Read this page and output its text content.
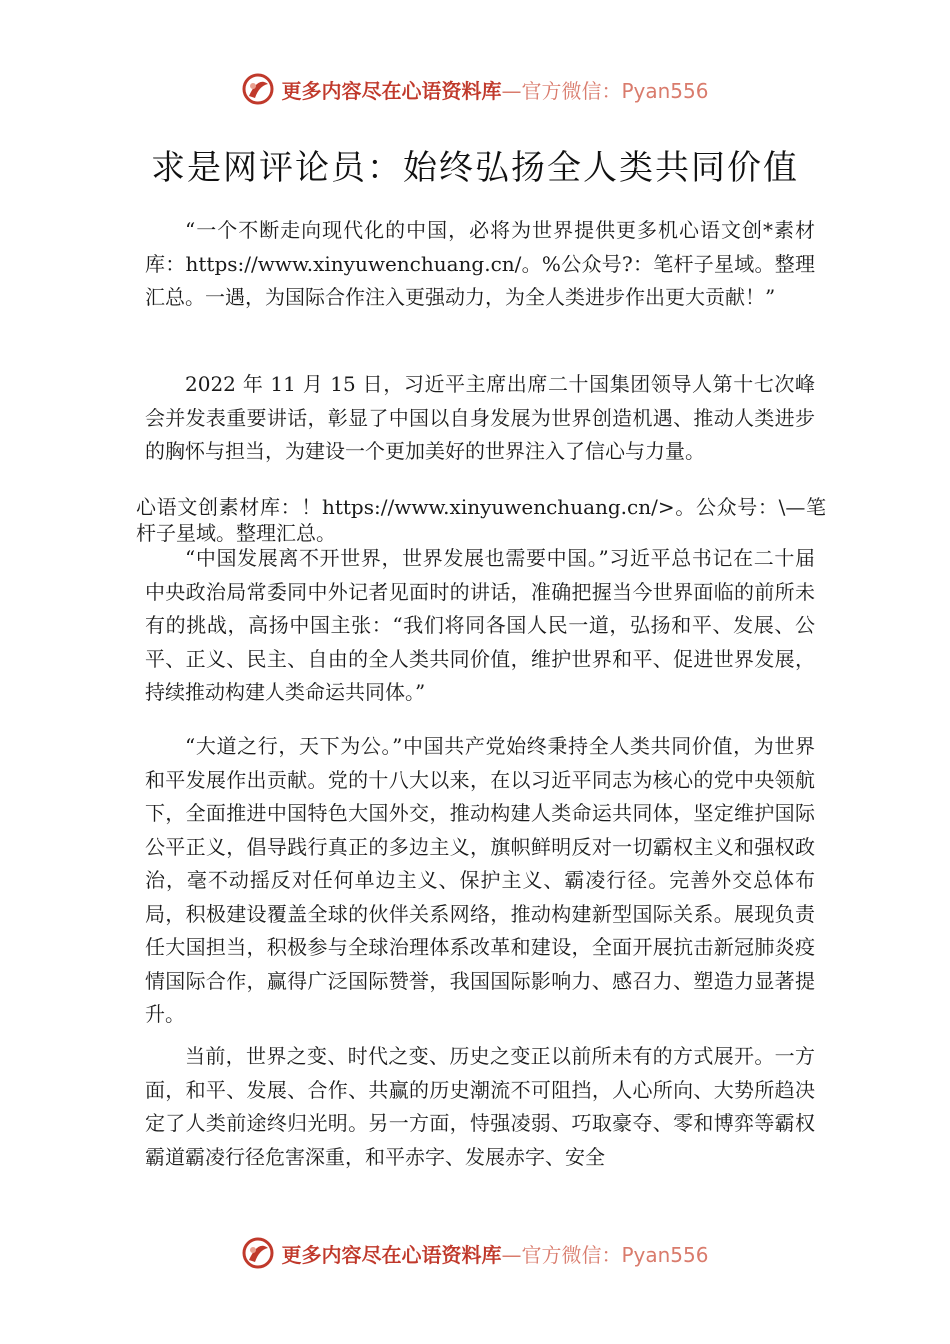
更多内容尽在心语资料库—官方微信：Pyan556
求是网评论员：始终弘扬全人类共同价值

“一个不断走向现代化的中国，必将为世界提供更多机心语文创*素材库：https://www.xinyuwenchuang.cn/。%公众号?：笔杆子星域。整理汇总。一遇，为国际合作注入更强动力，为全人类进步作出更大贡献！”

2022 年 11 月 15 日，习近平主席出席二十国集团领导人第十七次峰会并发表重要讲话，彰显了中国以自身发展为世界创造机遇、推动人类进步的胸怀与担当，为建设一个更加美好的世界注入了信心与力量。

心语文创素材库：！https://www.xinyuwenchuang.cn/>。公众号：\—笔杆子星域。整理汇总。

“中国发展离不开世界，世界发展也需要中国。”习近平总书记在二十届中央政治局常委同中外记者见面时的讲话，准确把握当今世界面临的前所未有的挑战，高扬中国主张：“我们将同各国人民一道，弘扬和平、发展、公平、正义、民主、自由的全人类共同价值，维护世界和平、促进世界发展，持续推动构建人类命运共同体。”

“大道之行，天下为公。”中国共产党始终秉持全人类共同价值，为世界和平发展作出贡献。党的十八大以来，在以习近平同志为核心的党中央领航下，全面推进中国特色大国外交，推动构建人类命运共同体，坚定维护国际公平正义，倡导践行真正的多边主义，旗帜鲜明反对一切霸权主义和强权政治，毫不动摇反对任何单边主义、保护主义、霸凌行径。完善外交总体布局，积极建设覆盖全球的伙伴关系网络，推动构建新型国际关系。展现负责任大国担当，积极参与全球治理体系改革和建设，全面开展抗击新冠肺炎疫情国际合作，赢得广泛国际赞誉，我国国际影响力、感召力、塑造力显著提升。

当前，世界之变、时代之变、历史之变正以前所未有的方式展开。一方面，和平、发展、合作、共赢的历史潮流不可阻挡，人心所向、大势所趋决定了人类前途终归光明。另一方面，恃强凌弱、巧取豪夺、零和博弈等霸权霸道霸凌行径危害深重，和平赤字、发展赤字、安全

更多内容尽在心语资料库—官方微信：Pyan556
